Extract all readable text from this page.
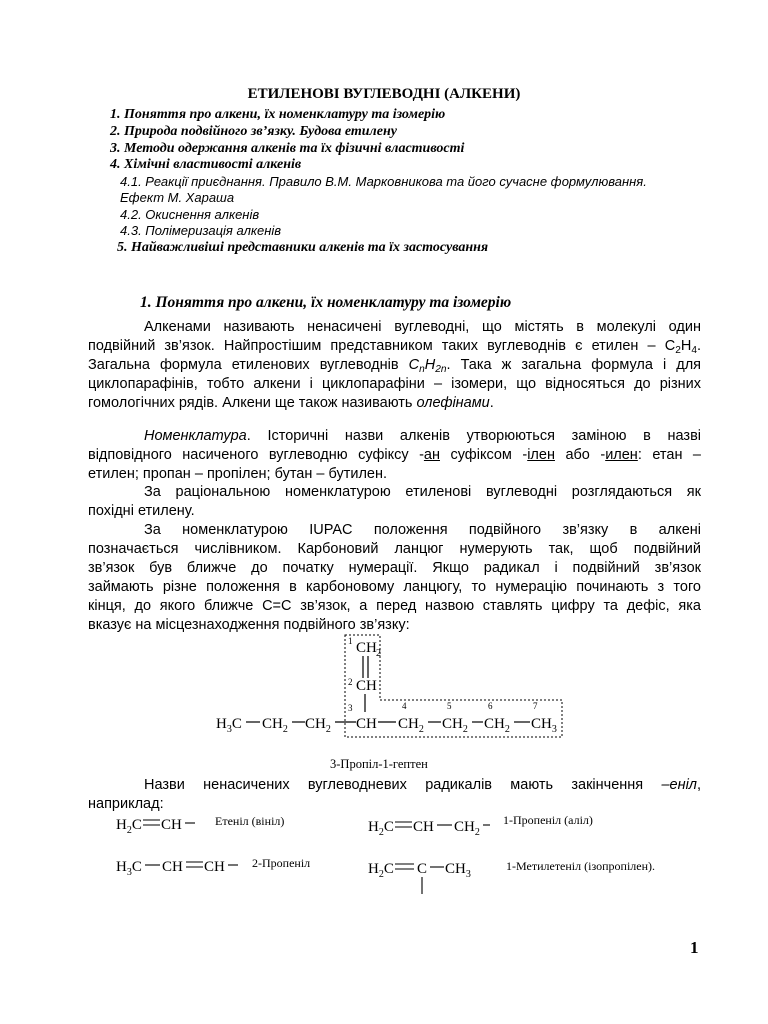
ЕТИЛЕНОВІ ВУГЛЕВОДНІ (АЛКЕНИ)
1. Поняття про алкени, їх номенклатуру та ізомерію
2. Природа подвійного зв’язку. Будова етилену
3. Методи одержання алкенів та їх фізичні властивості
4. Хімічні властивості алкенів
4.1. Реакції приєднання. Правило В.М. Марковникова та його сучасне формулювання.
Ефект М. Хараша
4.2. Окиснення алкенів
4.3. Полімеризація алкенів
5. Найважливіші представники алкенів та їх застосування
1. Поняття про алкени, їх номенклатуру та ізомерію
Алкенами називають ненасичені вуглеводні, що містять в молекулі один
подвійний зв’язок. Найпростішим представником таких вуглеводнів є етилен – $C_2H_4$.
Загальна формула етиленових вуглеводнів $C_nH_{2n}$. Така ж загальна формула і для
циклопарафінів, тобто алкени і циклопарафіни – ізомери, що відносяться до різних
гомологічних рядів. Алкени ще також називають олефінами.
Номенклатура. Історичні назви алкенів утворюються заміною в назві
відповідного насиченого вуглеводню суфіксу -ан суфіксом -ілен або -илен: етан –
етилен; пропан – пропілен; бутан – бутилен.
За раціональною номенклатурою етиленові вуглеводні розглядаються як
похідні етилену.
За номенклатурою IUPAC положення подвійного зв’язку в алкені
позначається числівником. Карбоновий ланцюг нумерують так, щоб подвійний
зв’язок був ближче до початку нумерації. Якщо радикал і подвійний зв’язок
займають різне положення в карбоновому ланцюгу, то нумерацію починають з того
кінця, до якого ближче C=C зв’язок, а перед назвою ставлять цифру та дефіс, яка
вказує на місцезнаходження подвійного зв’язку:
1 CH 2
2 CH
3	4	5	6	7
$H_3C$ $CH_2$ $CH_2$ CH $CH_2$ $CH_2$ $CH_2$ $CH_3$
3-Пропіл-1-гептен
Назви ненасичених вуглеводневих радикалів мають закінчення –еніл,
наприклад:
$H_2C$ CH	Етеніл (вініл)	$H_2C$ CH $CH_2$
1-Пропеніл (аліл)
$H_3C$ CH CH 2-Пропеніл	$H_2C$ C $CH_3$
1-Метилетеніл (ізопропілен).
1
